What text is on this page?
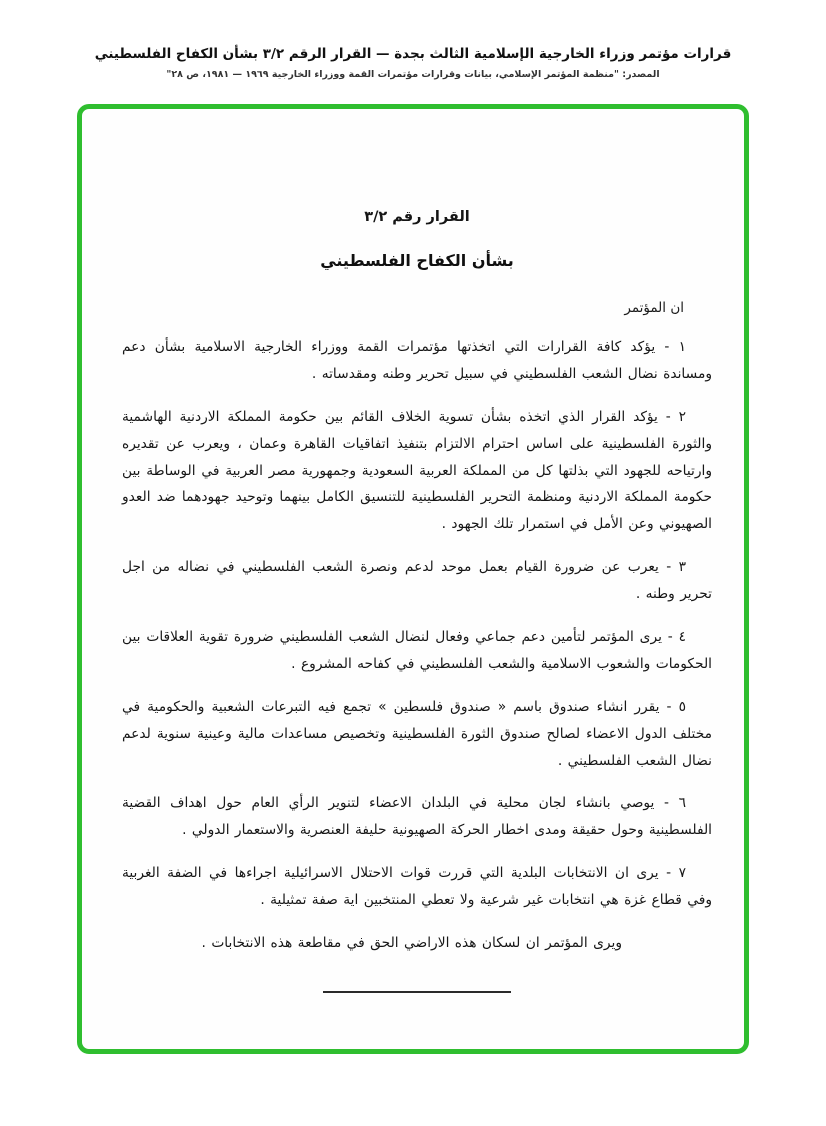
قرارات مؤتمر وزراء الخارجية الإسلامية الثالث بجدة — القرار الرقم ٣/٢ بشأن الكفاح الفلسطيني
المصدر: "منظمة المؤتمر الإسلامي، بيانات وقرارات مؤتمرات القمة ووزراء الخارجية ١٩٦٩ — ١٩٨١، ص ٢٨"
القرار رقم ٣/٢
بشأن الكفاح الفلسطيني
ان المؤتمر

١ - يؤكد كافة القرارات التي اتخذتها مؤتمرات القمة ووزراء الخارجية الاسلامية بشأن دعم ومساندة نضال الشعب الفلسطيني في سبيل تحرير وطنه ومقدساته .

٢ - يؤكد القرار الذي اتخذه بشأن تسوية الخلاف القائم بين حكومة المملكة الاردنية الهاشمية والثورة الفلسطينية على اساس احترام الالتزام بتنفيذ اتفاقيات القاهرة وعمان ، ويعرب عن تقديره وارتياحه للجهود التي بذلتها كل من المملكة العربية السعودية وجمهورية مصر العربية في الوساطة بين حكومة المملكة الاردنية ومنظمة التحرير الفلسطينية للتنسيق الكامل بينهما وتوحيد جهودهما ضد العدو الصهيوني وعن الأمل في استمرار تلك الجهود .

٣ - يعرب عن ضرورة القيام بعمل موحد لدعم ونصرة الشعب الفلسطيني في نضاله من اجل تحرير وطنه .

٤ - يرى المؤتمر لتأمين دعم جماعي وفعال لنضال الشعب الفلسطيني ضرورة تقوية العلاقات بين الحكومات والشعوب الاسلامية والشعب الفلسطيني في كفاحه المشروع .

٥ - يقرر انشاء صندوق باسم « صندوق فلسطين » تجمع فيه التبرعات الشعبية والحكومية في مختلف الدول الاعضاء لصالح صندوق الثورة الفلسطينية وتخصيص مساعدات مالية وعينية سنوية لدعم نضال الشعب الفلسطيني .

٦ - يوصي بانشاء لجان محلية في البلدان الاعضاء لتنوير الرأي العام حول اهداف القضية الفلسطينية وحول حقيقة ومدى اخطار الحركة الصهيونية حليفة العنصرية والاستعمار الدولي .

٧ - يرى ان الانتخابات البلدية التي قررت قوات الاحتلال الاسرائيلية اجراءها في الضفة الغربية وفي قطاع غزة هي انتخابات غير شرعية ولا تعطي المنتخبين اية صفة تمثيلية .

ويرى المؤتمر ان لسكان هذه الاراضي الحق في مقاطعة هذه الانتخابات .
